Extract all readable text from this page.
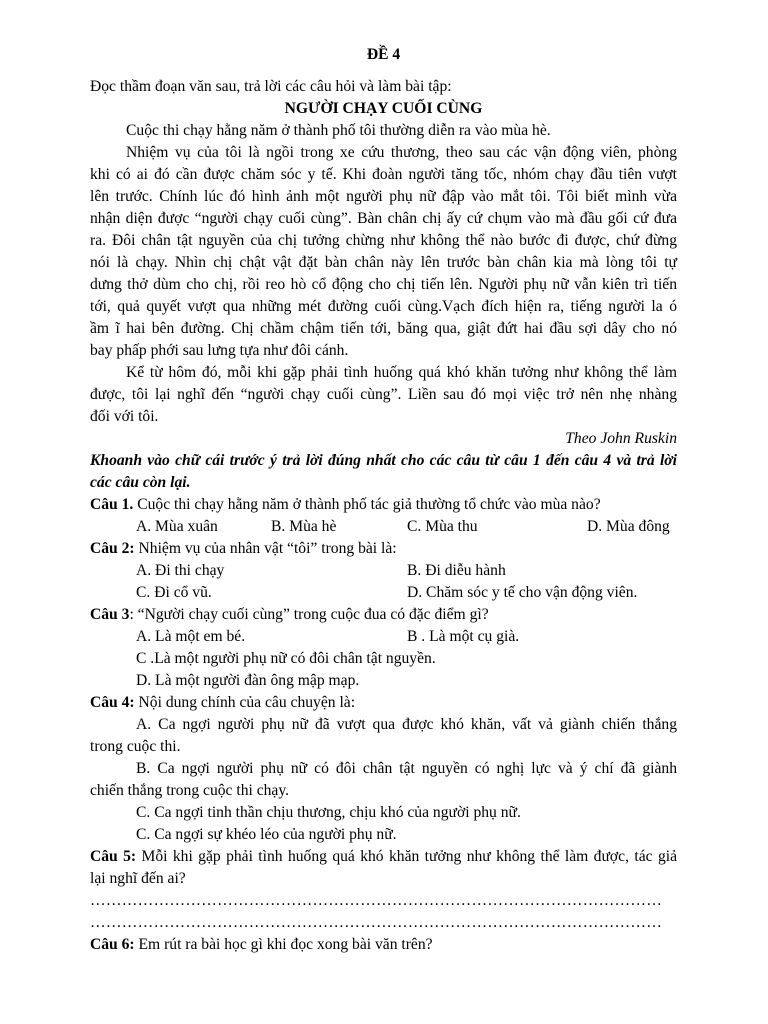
ĐỀ 4
Đọc thầm đoạn văn sau, trả lời các câu hỏi và làm bài tập:
NGƯỜI CHẠY CUỐI CÙNG
Cuộc thi chạy hằng năm ở thành phố tôi thường diễn ra vào mùa hè.
Nhiệm vụ của tôi là ngồi trong xe cứu thương, theo sau các vận động viên, phòng
khi có ai đó cần được chăm sóc y tế. Khi đoàn người tăng tốc, nhóm chạy đầu tiên vượt
lên trước. Chính lúc đó hình ảnh một người phụ nữ đập vào mắt tôi. Tôi biết mình vừa
nhận diện được “người chạy cuối cùng”. Bàn chân chị ấy cứ chụm vào mà đầu gối cứ đưa
ra. Đôi chân tật nguyền của chị tưởng chừng như không thể nào bước đi được, chứ đừng
nói là chạy. Nhìn chị chật vật đặt bàn chân này lên trước bàn chân kia mà lòng tôi tự
dưng thở dùm cho chị, rồi reo hò cổ động cho chị tiến lên. Người phụ nữ vẫn kiên trì tiến
tới, quả quyết vượt qua những mét đường cuối cùng.Vạch đích hiện ra, tiếng người la ó
ầm ĩ hai bên đường. Chị chầm chậm tiến tới, băng qua, giật đứt hai đầu sợi dây cho nó
bay phấp phới sau lưng tựa như đôi cánh.
Kể từ hôm đó, mỗi khi gặp phải tình huống quá khó khăn tưởng như không thể làm
được, tôi lại nghĩ đến “người chạy cuối cùng”. Liền sau đó mọi việc trở nên nhẹ nhàng
đối với tôi.
Theo John Ruskin
Khoanh vào chữ cái trước ý trả lời đúng nhất cho các câu từ câu 1 đến câu 4 và trả lời
các câu còn lại.
Câu 1. Cuộc thi chạy hằng năm ở thành phố tác giả thường tổ chức vào mùa nào?
A. Mùa xuân	B. Mùa hè	C. Mùa thu	D. Mùa đông
Câu 2: Nhiệm vụ của nhân vật “tôi” trong bài là:
A. Đi thi chạy	B. Đi diễu hành
C. Đi cổ vũ.	D. Chăm sóc y tế cho vận động viên.
Câu 3: “Người chạy cuối cùng” trong cuộc đua có đặc điểm gì?
A. Là một em bé.	B . Là một cụ già.
C .Là một người phụ nữ có đôi chân tật nguyền.
D. Là một người đàn ông mập mạp.
Câu 4: Nội dung chính của câu chuyện là:
A. Ca ngợi người phụ nữ đã vượt qua được khó khăn, vất vả giành chiến thắng
trong cuộc thi.
B. Ca ngợi người phụ nữ có đôi chân tật nguyền có nghị lực và ý chí đã giành
chiến thắng trong cuộc thi chạy.
C. Ca ngợi tinh thần chịu thương, chịu khó của người phụ nữ.
C. Ca ngợi sự khéo léo của người phụ nữ.
Câu 5: Mỗi khi gặp phải tình huống quá khó khăn tưởng như không thể làm được, tác giả
lại nghĩ đến ai?
………………………………………………………………………………………………
………………………………………………………………………………………………
Câu 6: Em rút ra bài học gì khi đọc xong bài văn trên?
